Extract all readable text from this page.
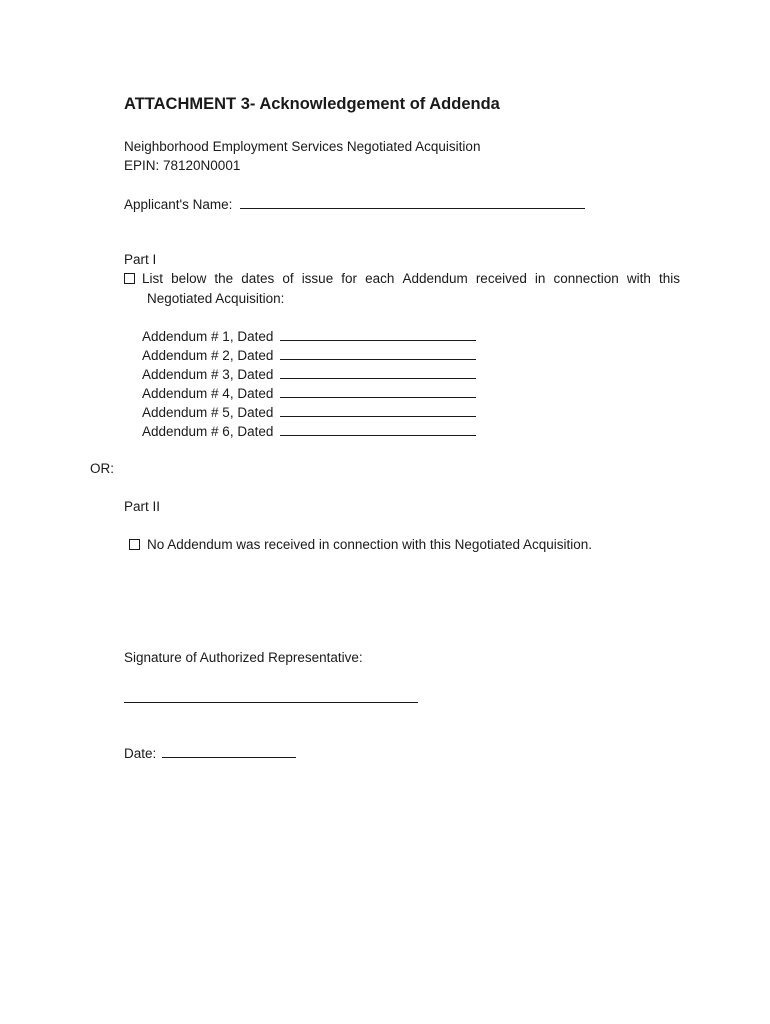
ATTACHMENT 3- Acknowledgement of Addenda
Neighborhood Employment Services Negotiated Acquisition
EPIN: 78120N0001
Applicant's Name:
Part I
List below the dates of issue for each Addendum received in connection with this
Negotiated Acquisition:
Addendum # 1, Dated
Addendum # 2, Dated
Addendum # 3, Dated
Addendum # 4, Dated
Addendum # 5, Dated
Addendum # 6, Dated
OR:
Part II
No Addendum was received in connection with this Negotiated Acquisition.
Signature of Authorized Representative:
Date:
